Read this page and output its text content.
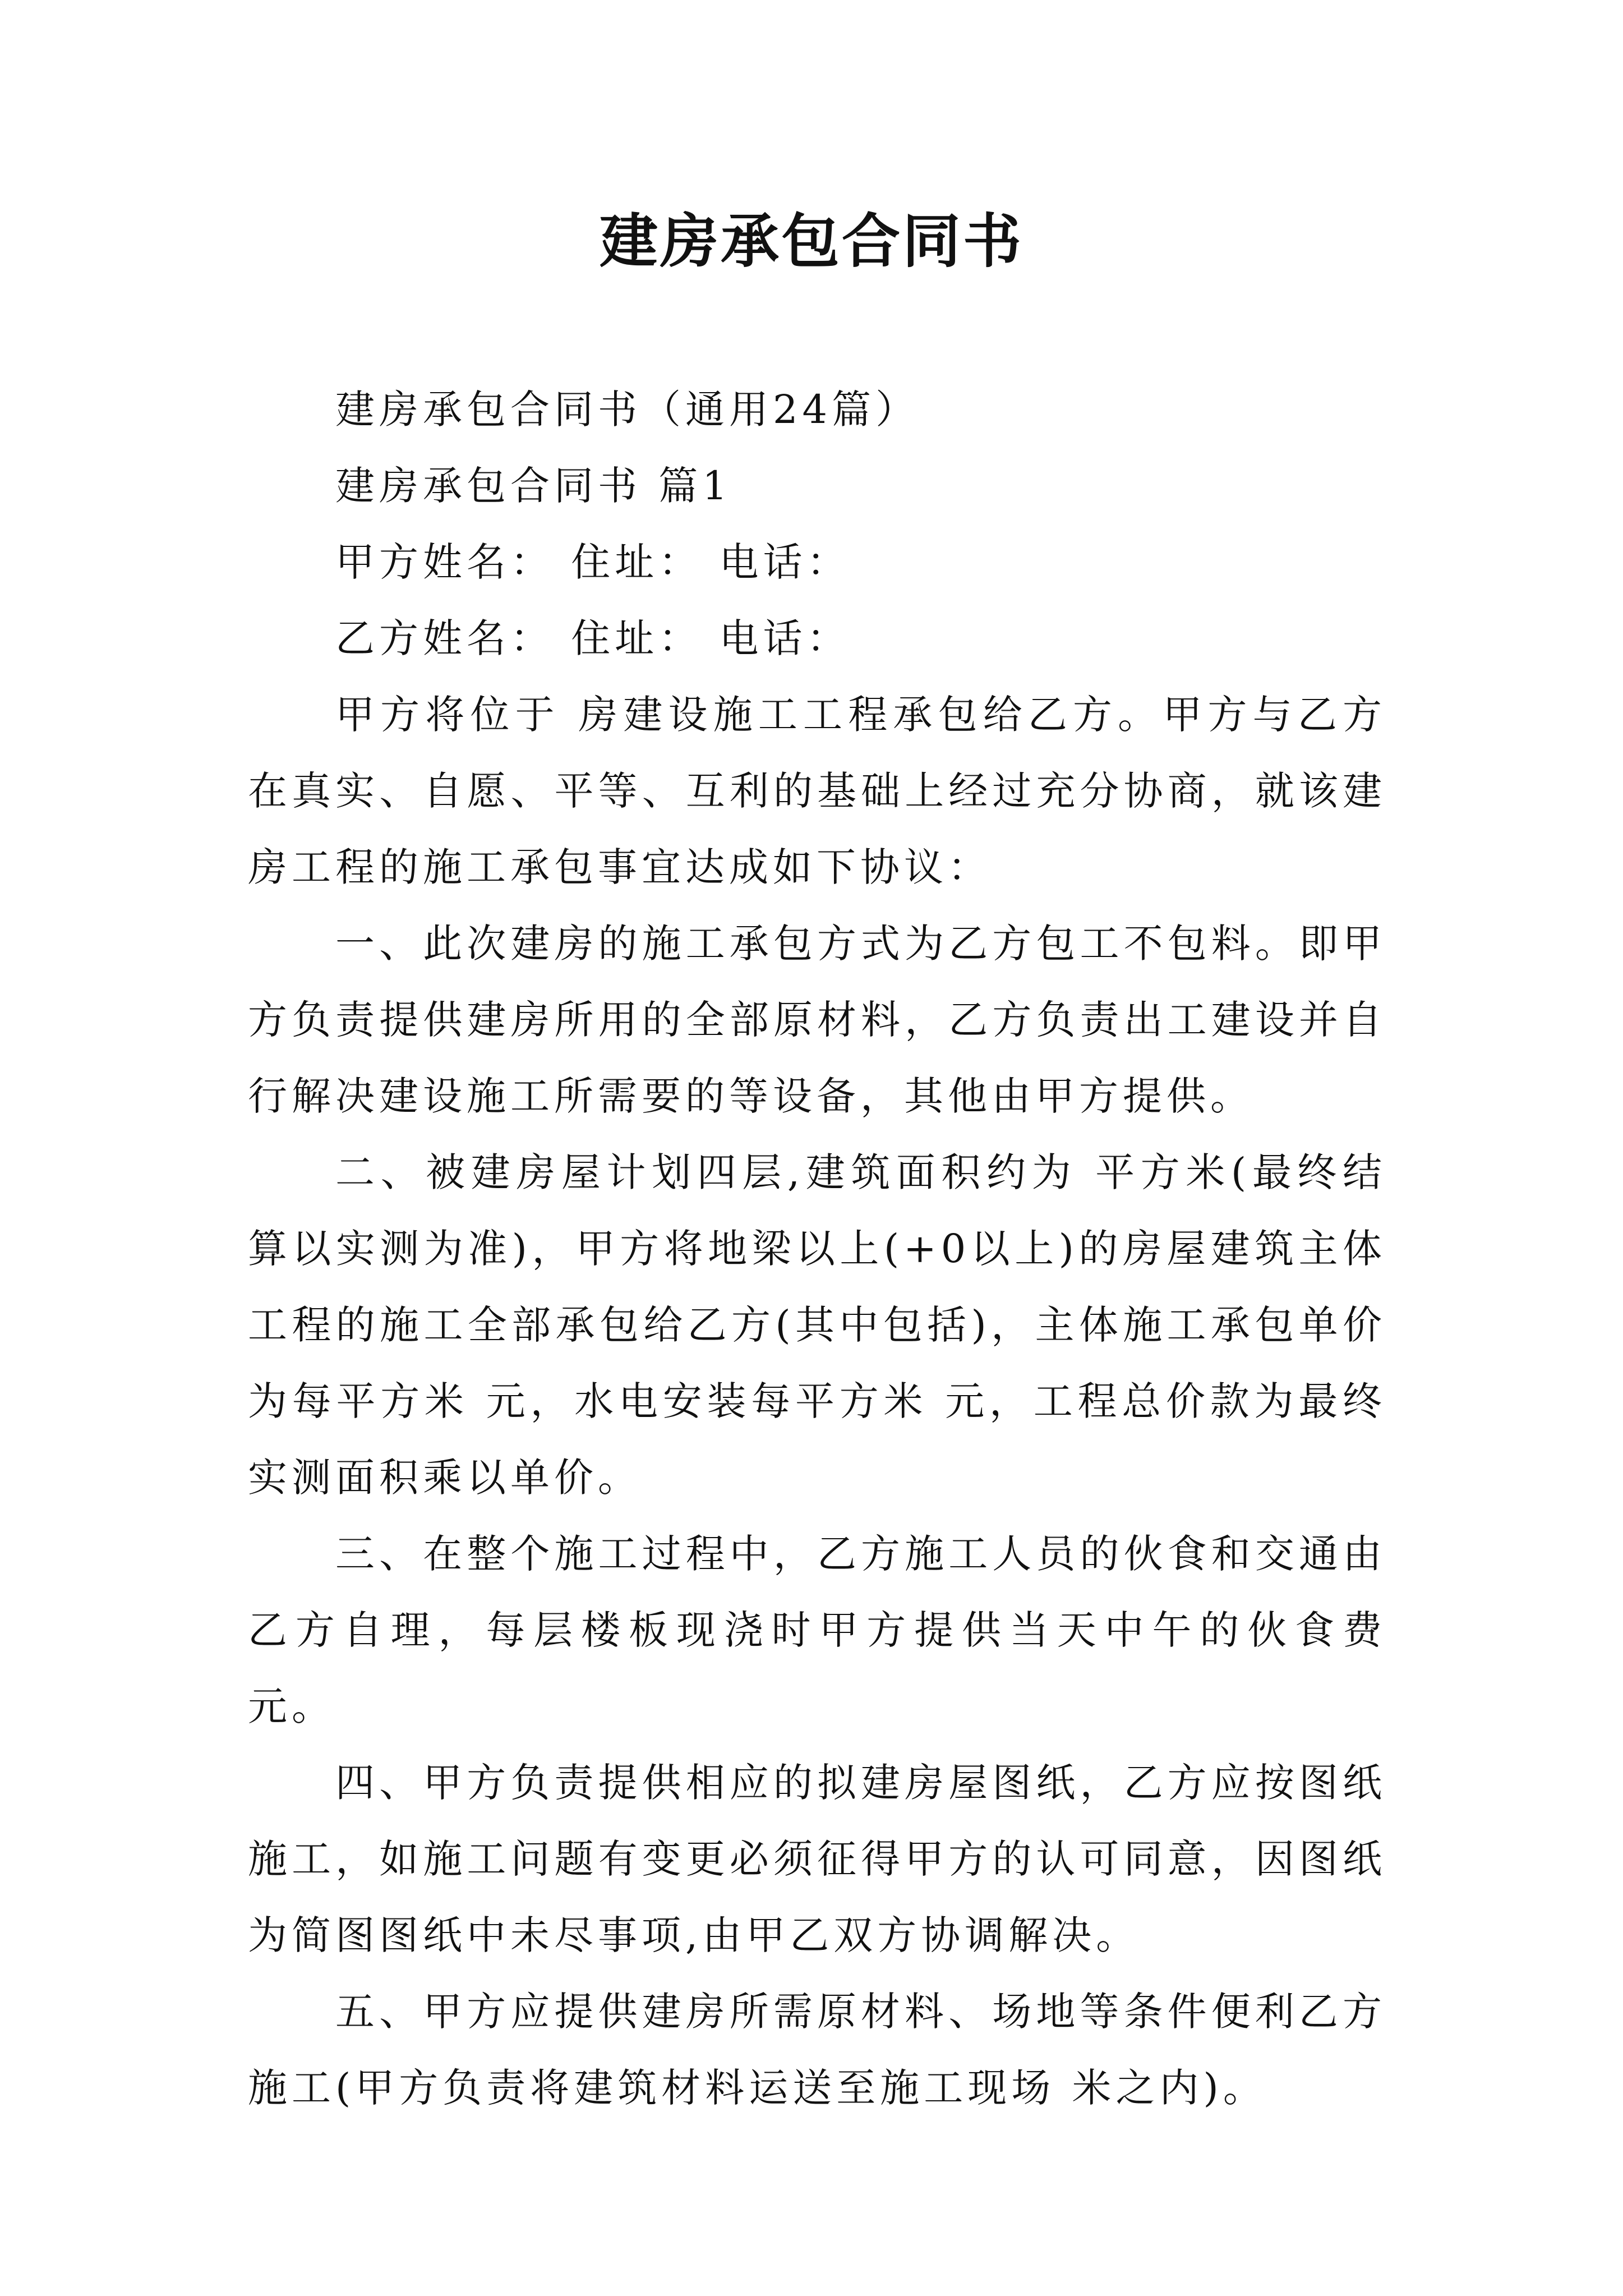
建房承包合同书

建房承包合同书（通用24篇）

建房承包合同书 篇1

甲方姓名： 住址： 电话：

乙方姓名： 住址： 电话：

甲方将位于 房建设施工工程承包给乙方。甲方与乙方在真实、自愿、平等、互利的基础上经过充分协商，就该建房工程的施工承包事宜达成如下协议：

一、此次建房的施工承包方式为乙方包工不包料。即甲方负责提供建房所用的全部原材料，乙方负责出工建设并自行解决建设施工所需要的等设备，其他由甲方提供。

二、被建房屋计划四层,建筑面积约为 平方米(最终结算以实测为准)，甲方将地梁以上(+0以上)的房屋建筑主体工程的施工全部承包给乙方(其中包括)，主体施工承包单价为每平方米 元，水电安装每平方米 元，工程总价款为最终实测面积乘以单价。

三、在整个施工过程中，乙方施工人员的伙食和交通由乙方自理，每层楼板现浇时甲方提供当天中午的伙食费 元。

四、甲方负责提供相应的拟建房屋图纸，乙方应按图纸施工，如施工问题有变更必须征得甲方的认可同意，因图纸为简图图纸中未尽事项,由甲乙双方协调解决。

五、甲方应提供建房所需原材料、场地等条件便利乙方施工(甲方负责将建筑材料运送至施工现场 米之内)。
